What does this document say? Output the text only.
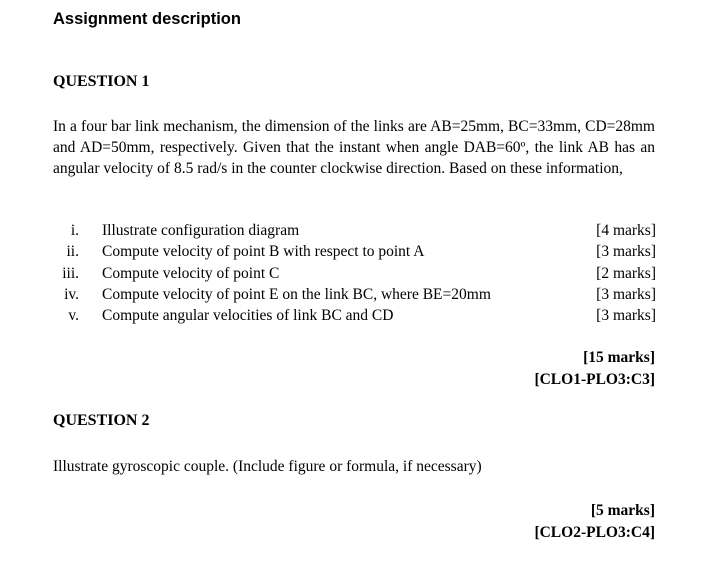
Assignment description
QUESTION 1
In a four bar link mechanism, the dimension of the links are AB=25mm, BC=33mm, CD=28mm and AD=50mm, respectively. Given that the instant when angle DAB=60º, the link AB has an angular velocity of 8.5 rad/s in the counter clockwise direction. Based on these information,
i. Illustrate configuration diagram	[4 marks]
ii. Compute velocity of point B with respect to point A	[3 marks]
iii. Compute velocity of point C	[2 marks]
iv. Compute velocity of point E on the link BC, where BE=20mm	[3 marks]
v. Compute angular velocities of link BC and CD	[3 marks]
[15 marks]
[CLO1-PLO3:C3]
QUESTION 2
Illustrate gyroscopic couple. (Include figure or formula, if necessary)
[5 marks]
[CLO2-PLO3:C4]
